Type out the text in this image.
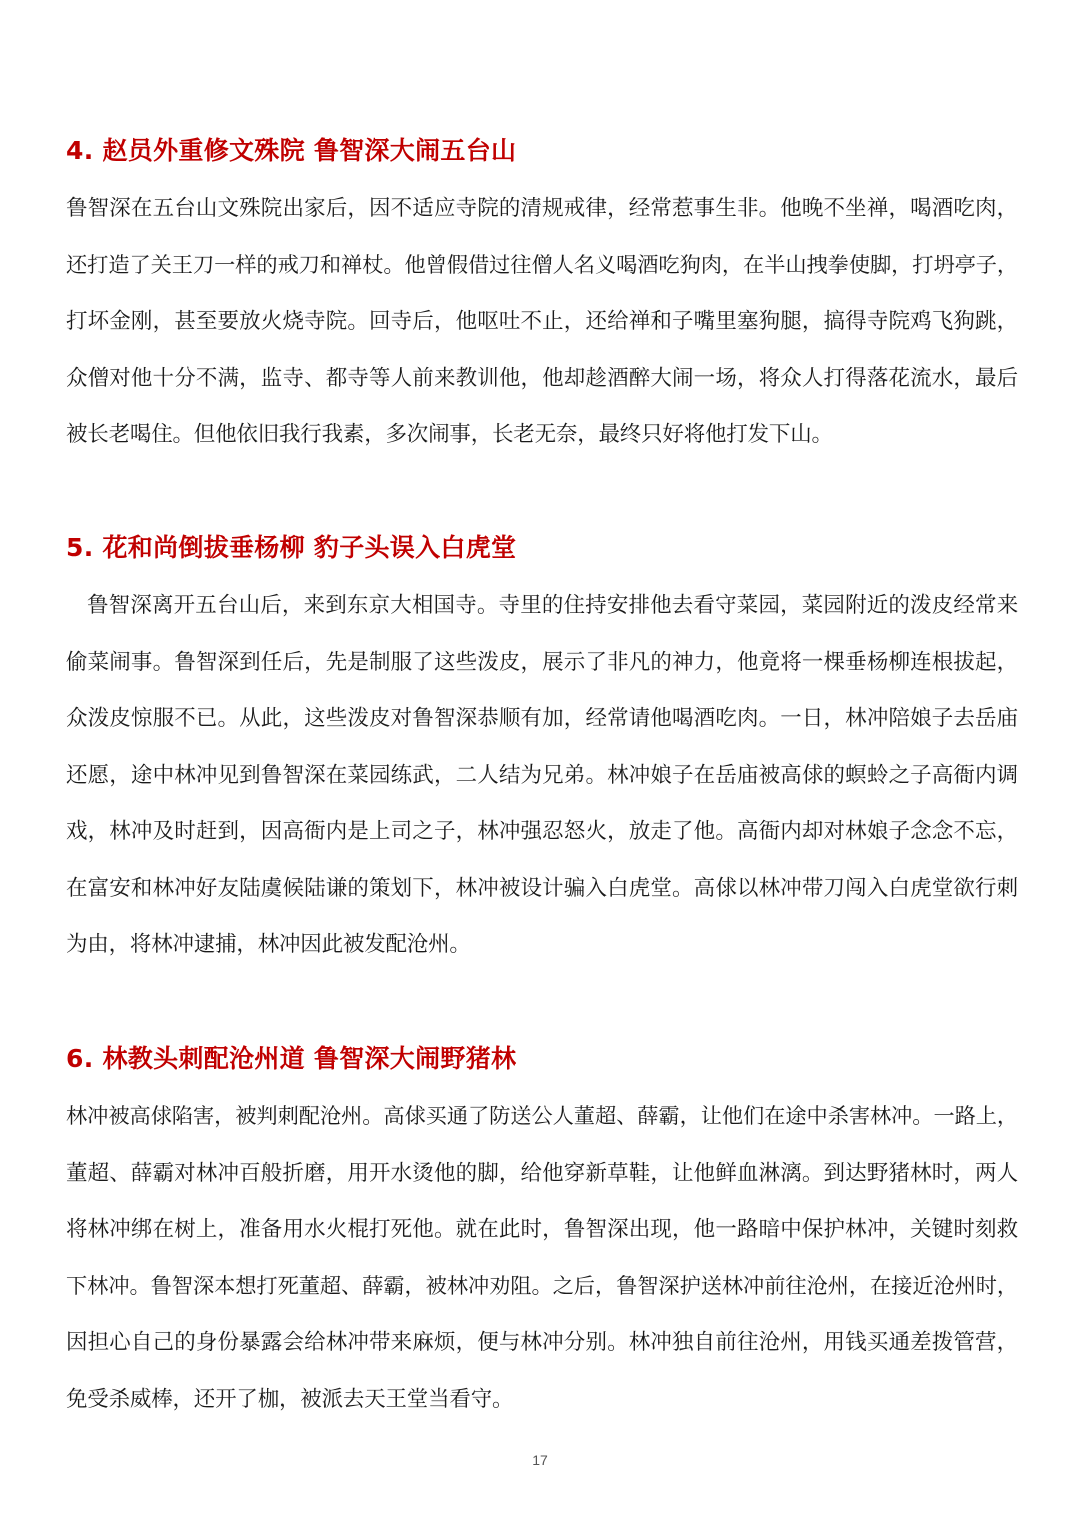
4. 赵员外重修文殊院 鲁智深大闹五台山
鲁智深在五台山文殊院出家后，因不适应寺院的清规戒律，经常惹事生非。他晚不坐禅，喝酒吃肉，
还打造了关王刀一样的戒刀和禅杖。他曾假借过往僧人名义喝酒吃狗肉，在半山拽拳使脚，打坍亭子，
打坏金刚，甚至要放火烧寺院。回寺后，他呕吐不止，还给禅和子嘴里塞狗腿，搞得寺院鸡飞狗跳，
众僧对他十分不满，监寺、都寺等人前来教训他，他却趁酒醉大闹一场，将众人打得落花流水，最后
被长老喝住。但他依旧我行我素，多次闹事，长老无奈，最终只好将他打发下山。
5. 花和尚倒拔垂杨柳 豹子头误入白虎堂
鲁智深离开五台山后，来到东京大相国寺。寺里的住持安排他去看守菜园，菜园附近的泼皮经常来
偷菜闹事。鲁智深到任后，先是制服了这些泼皮，展示了非凡的神力，他竟将一棵垂杨柳连根拔起，
众泼皮惊服不已。从此，这些泼皮对鲁智深恭顺有加，经常请他喝酒吃肉。一日，林冲陪娘子去岳庙
还愿，途中林冲见到鲁智深在菜园练武，二人结为兄弟。林冲娘子在岳庙被高俅的螟蛉之子高衙内调
戏，林冲及时赶到，因高衙内是上司之子，林冲强忍怒火，放走了他。高衙内却对林娘子念念不忘，
在富安和林冲好友陆虞候陆谦的策划下，林冲被设计骗入白虎堂。高俅以林冲带刀闯入白虎堂欲行刺
为由，将林冲逮捕，林冲因此被发配沧州。
6. 林教头刺配沧州道 鲁智深大闹野猪林
林冲被高俅陷害，被判刺配沧州。高俅买通了防送公人董超、薛霸，让他们在途中杀害林冲。一路上，
董超、薛霸对林冲百般折磨，用开水烫他的脚，给他穿新草鞋，让他鲜血淋漓。到达野猪林时，两人
将林冲绑在树上，准备用水火棍打死他。就在此时，鲁智深出现，他一路暗中保护林冲，关键时刻救
下林冲。鲁智深本想打死董超、薛霸，被林冲劝阻。之后，鲁智深护送林冲前往沧州，在接近沧州时，
因担心自己的身份暴露会给林冲带来麻烦，便与林冲分别。林冲独自前往沧州，用钱买通差拨管营，
免受杀威棒，还开了枷，被派去天王堂当看守。
17
